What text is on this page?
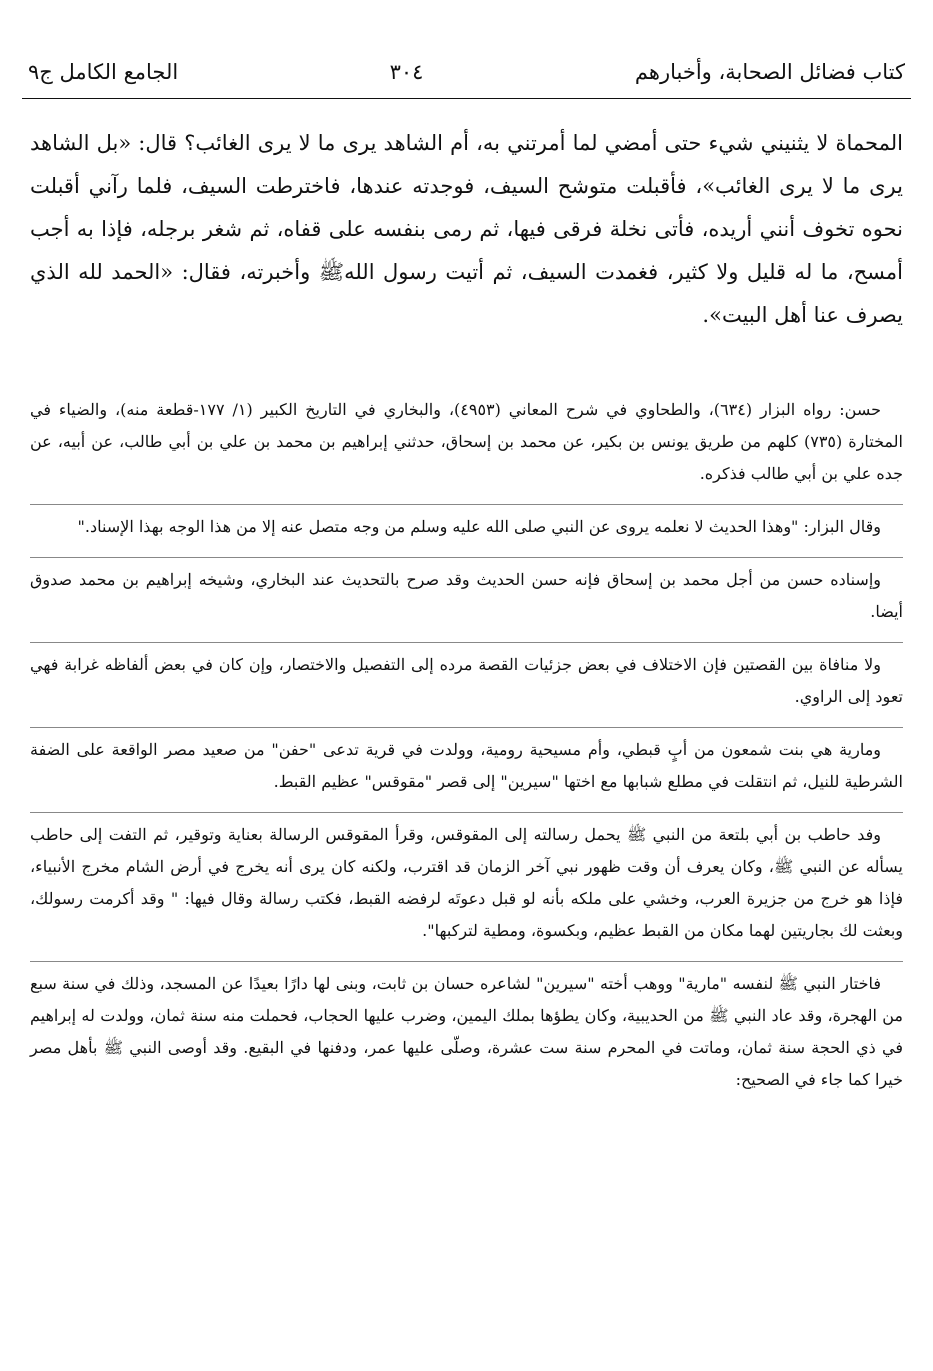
كتاب فضائل الصحابة، وأخبارهم
٣٠٤
الجامع الكامل ج٩

المحماة لا يثنيني شيء حتى أمضي لما أمرتني به، أم الشاهد يرى ما لا يرى الغائب؟ قال: «بل الشاهد يرى ما لا يرى الغائب»، فأقبلت متوشح السيف، فوجدته عندها، فاخترطت السيف، فلما رآني أقبلت نحوه تخوف أنني أريده، فأتى نخلة فرقى فيها، ثم رمى بنفسه على قفاه، ثم شغر برجله، فإذا به أجب أمسح، ما له قليل ولا كثير، فغمدت السيف، ثم أتيت رسول اللهﷺ وأخبرته، فقال: «الحمد لله الذي يصرف عنا أهل البيت».

حسن: رواه البزار (٦٣٤)، والطحاوي في شرح المعاني (٤٩٥٣)، والبخاري في التاريخ الكبير (١/ ١٧٧-قطعة منه)، والضياء في المختارة (٧٣٥) كلهم من طريق يونس بن بكير، عن محمد بن إسحاق، حدثني إبراهيم بن محمد بن علي بن أبي طالب، عن أبيه، عن جده علي بن أبي طالب فذكره.

وقال البزار: "وهذا الحديث لا نعلمه يروى عن النبي صلى الله عليه وسلم من وجه متصل عنه إلا من هذا الوجه بهذا الإسناد."

وإسناده حسن من أجل محمد بن إسحاق فإنه حسن الحديث وقد صرح بالتحديث عند البخاري، وشيخه إبراهيم بن محمد صدوق أيضا.

ولا منافاة بين القصتين فإن الاختلاف في بعض جزئيات القصة مرده إلى التفصيل والاختصار، وإن كان في بعض ألفاظه غرابة فهي تعود إلى الراوي.

ومارية هي بنت شمعون من أبٍ قبطي، وأم مسيحية رومية، وولدت في قرية تدعى "حفن" من صعيد مصر الواقعة على الضفة الشرطية للنيل، ثم انتقلت في مطلع شبابها مع اختها "سيرين" إلى قصر "مقوقس" عظيم القبط.

وفد حاطب بن أبي بلتعة من النبي ﷺ يحمل رسالته إلى المقوقس، وقرأ المقوقس الرسالة بعناية وتوقير، ثم التفت إلى حاطب يسأله عن النبي ﷺ، وكان يعرف أن وقت ظهور نبي آخر الزمان قد اقترب، ولكنه كان يرى أنه يخرج في أرض الشام مخرج الأنبياء، فإذا هو خرج من جزيرة العرب، وخشي على ملكه بأنه لو قبل دعوتَه لرفضه القبط، فكتب رسالة وقال فيها: " وقد أكرمت رسولك، وبعثت لك بجاريتين لهما مكان من القبط عظيم، وبكسوة، ومطية لتركبها".

فاختار النبي ﷺ لنفسه "مارية" ووهب أخته "سيرين" لشاعره حسان بن ثابت، وبنى لها دارًا بعيدًا عن المسجد، وذلك في سنة سبع من الهجرة، وقد عاد النبي ﷺ من الحديبية، وكان يطؤها بملك اليمين، وضرب عليها الحجاب، فحملت منه سنة ثمان، وولدت له إبراهيم في ذي الحجة سنة ثمان، وماتت في المحرم سنة ست عشرة، وصلّى عليها عمر، ودفنها في البقيع. وقد أوصى النبي ﷺ بأهل مصر خيرا كما جاء في الصحيح:
